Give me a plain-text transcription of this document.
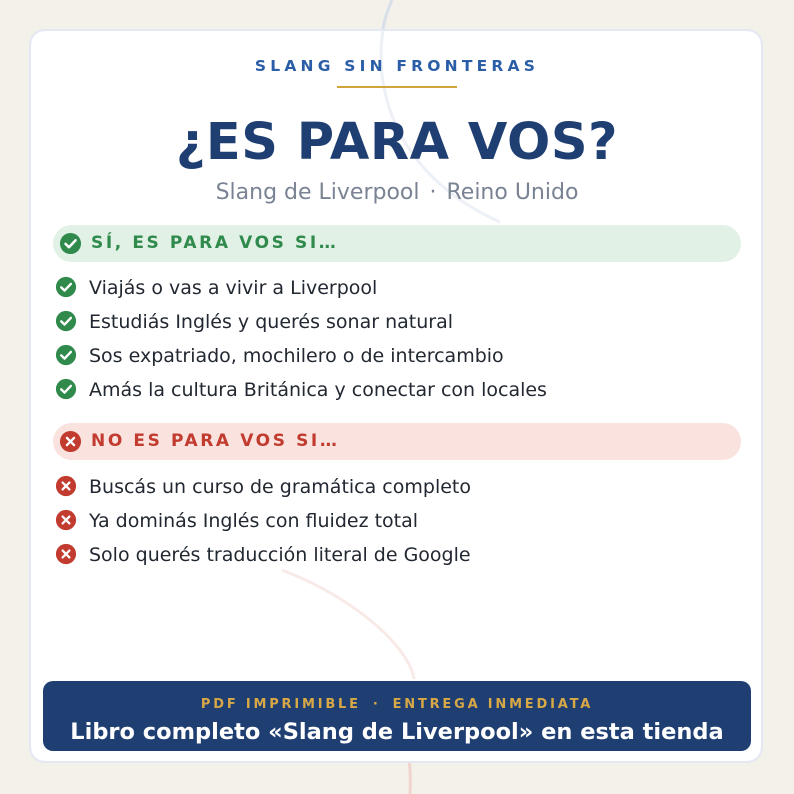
SLANG SIN FRONTERAS
¿ES PARA VOS?
Slang de Liverpool · Reino Unido
SÍ, ES PARA VOS SI…
Viajás o vas a vivir a Liverpool
Estudiás Inglés y querés sonar natural
Sos expatriado, mochilero o de intercambio
Amás la cultura Británica y conectar con locales
NO ES PARA VOS SI…
Buscás un curso de gramática completo
Ya dominás Inglés con fluidez total
Solo querés traducción literal de Google
PDF IMPRIMIBLE · ENTREGA INMEDIATA
Libro completo «Slang de Liverpool» en esta tienda
